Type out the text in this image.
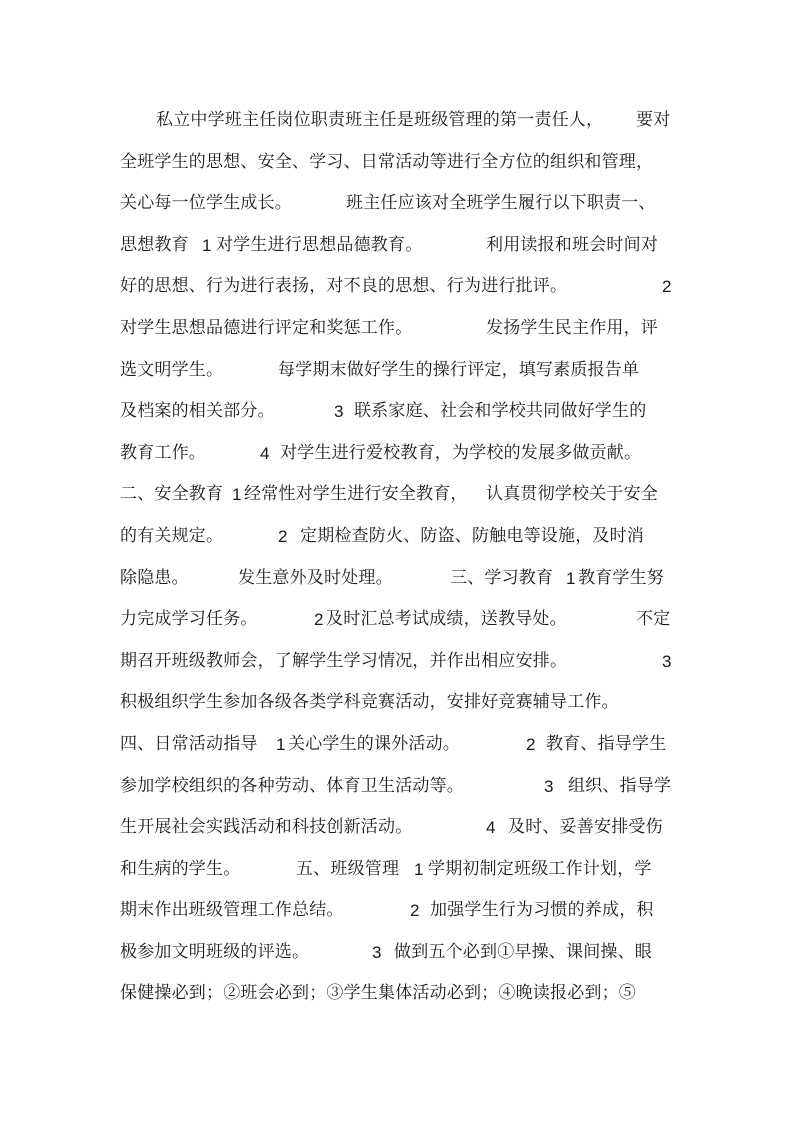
私立中学班主任岗位职责班主任是班级管理的第一责任人， 要对
全班学生的思想、安全、学习、日常活动等进行全方位的组织和管理，
关心每一位学生成长。	班主任应该对全班学生履行以下职责一、
思想教育 1 对学生进行思想品德教育。	利用读报和班会时间对
好的思想、行为进行表扬，对不良的思想、行为进行批评。	2
对学生思想品德进行评定和奖惩工作。	发扬学生民主作用，评
选文明学生。	每学期末做好学生的操行评定，填写素质报告单
及档案的相关部分。	3 联系家庭、社会和学校共同做好学生的
教育工作。	4 对学生进行爱校教育，为学校的发展多做贡献。
二、安全教育 1 经常性对学生进行安全教育， 认真贯彻学校关于安全
的有关规定。	2 定期检查防火、防盗、防触电等设施，及时消
除隐患。	发生意外及时处理。	三、学习教育 1 教育学生努
力完成学习任务。	2 及时汇总考试成绩，送教导处。	不定
期召开班级教师会，了解学生学习情况，并作出相应安排。	3
积极组织学生参加各级各类学科竞赛活动，安排好竞赛辅导工作。
四、日常活动指导 1 关心学生的课外活动。	2 教育、指导学生
参加学校组织的各种劳动、体育卫生活动等。	3 组织、指导学
生开展社会实践活动和科技创新活动。	4 及时、妥善安排受伤
和生病的学生。	五、班级管理 1 学期初制定班级工作计划，学
期末作出班级管理工作总结。	2 加强学生行为习惯的养成，积
极参加文明班级的评选。	3 做到五个必到①早操、课间操、眼
保健操必到；②班会必到；③学生集体活动必到；④晚读报必到；⑤
